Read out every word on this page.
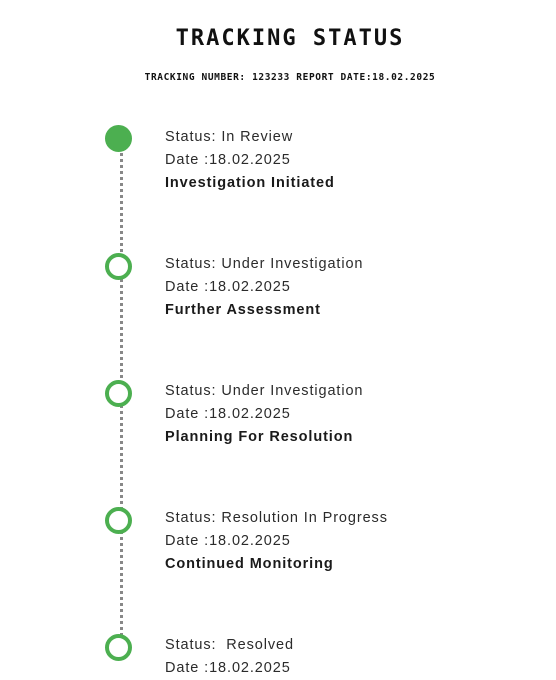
TRACKING STATUS
TRACKING NUMBER: 123233 REPORT DATE:18.02.2025
Status: In Review
Date :18.02.2025
Investigation Initiated
Status: Under Investigation
Date :18.02.2025
Further Assessment
Status: Under Investigation
Date :18.02.2025
Planning For Resolution
Status: Resolution In Progress
Date :18.02.2025
Continued Monitoring
Status:  Resolved
Date :18.02.2025
